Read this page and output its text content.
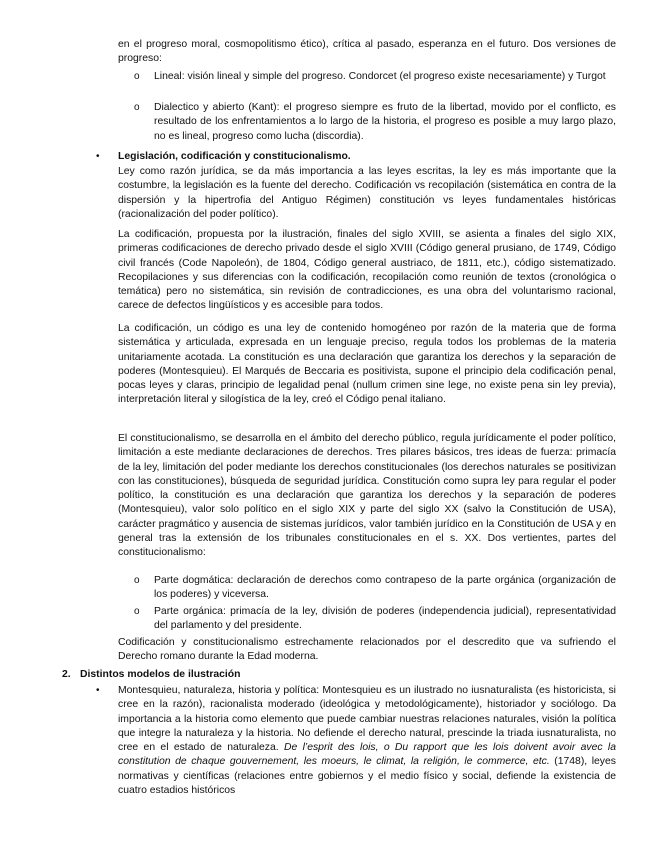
en el progreso moral, cosmopolitismo ético), crítica al pasado, esperanza en el futuro. Dos versiones de progreso:

o Lineal: visión lineal y simple del progreso. Condorcet (el progreso existe necesariamente) y Turgot

o Dialectico y abierto (Kant): el progreso siempre es fruto de la libertad, movido por el conflicto, es resultado de los enfrentamientos a lo largo de la historia, el progreso es posible a muy largo plazo, no es lineal, progreso como lucha (discordia).

• Legislación, codificación y constitucionalismo.

Ley como razón jurídica, se da más importancia a las leyes escritas, la ley es más importante que la costumbre, la legislación es la fuente del derecho. Codificación vs recopilación (sistemática en contra de la dispersión y la hipertrofia del Antiguo Régimen) constitución vs leyes fundamentales históricas (racionalización del poder político).

La codificación, propuesta por la ilustración, finales del siglo XVIII, se asienta a finales del siglo XIX, primeras codificaciones de derecho privado desde el siglo XVIII (Código general prusiano, de 1749, Código civil francés (Code Napoleón), de 1804, Código general austriaco, de 1811, etc.), código sistematizado. Recopilaciones y sus diferencias con la codificación, recopilación como reunión de textos (cronológica o temática) pero no sistemática, sin revisión de contradicciones, es una obra del voluntarismo racional, carece de defectos lingüísticos y es accesible para todos.

La codificación, un código es una ley de contenido homogéneo por razón de la materia que de forma sistemática y articulada, expresada en un lenguaje preciso, regula todos los problemas de la materia unitariamente acotada. La constitución es una declaración que garantiza los derechos y la separación de poderes (Montesquieu). El Marqués de Beccaria es positivista, supone el principio dela codificación penal, pocas leyes y claras, principio de legalidad penal (nullum crimen sine lege, no existe pena sin ley previa), interpretación literal y silogística de la ley, creó el Código penal italiano.

El constitucionalismo, se desarrolla en el ámbito del derecho público, regula jurídicamente el poder político, limitación a este mediante declaraciones de derechos. Tres pilares básicos, tres ideas de fuerza: primacía de la ley, limitación del poder mediante los derechos constitucionales (los derechos naturales se positivizan con las constituciones), búsqueda de seguridad jurídica. Constitución como supra ley para regular el poder político, la constitución es una declaración que garantiza los derechos y la separación de poderes (Montesquieu), valor solo político en el siglo XIX y parte del siglo XX (salvo la Constitución de USA), carácter pragmático y ausencia de sistemas jurídicos, valor también jurídico en la Constitución de USA y en general tras la extensión de los tribunales constitucionales en el s. XX. Dos vertientes, partes del constitucionalismo:

o Parte dogmática: declaración de derechos como contrapeso de la parte orgánica (organización de los poderes) y viceversa.

o Parte orgánica: primacía de la ley, división de poderes (independencia judicial), representatividad del parlamento y del presidente.

Codificación y constitucionalismo estrechamente relacionados por el descredito que va sufriendo el Derecho romano durante la Edad moderna.

2. Distintos modelos de ilustración

• Montesquieu, naturaleza, historia y política: Montesquieu es un ilustrado no iusnaturalista (es historicista, si cree en la razón), racionalista moderado (ideológica y metodológicamente), historiador y sociólogo. Da importancia a la historia como elemento que puede cambiar nuestras relaciones naturales, visión la política que integre la naturaleza y la historia. No defiende el derecho natural, prescinde la triada iusnaturalista, no cree en el estado de naturaleza. De l’esprit des lois, o Du rapport que les lois doivent avoir avec la constitution de chaque gouvernement, les moeurs, le climat, la religión, le commerce, etc. (1748), leyes normativas y científicas (relaciones entre gobiernos y el medio físico y social, defiende la existencia de cuatro estadios históricos
